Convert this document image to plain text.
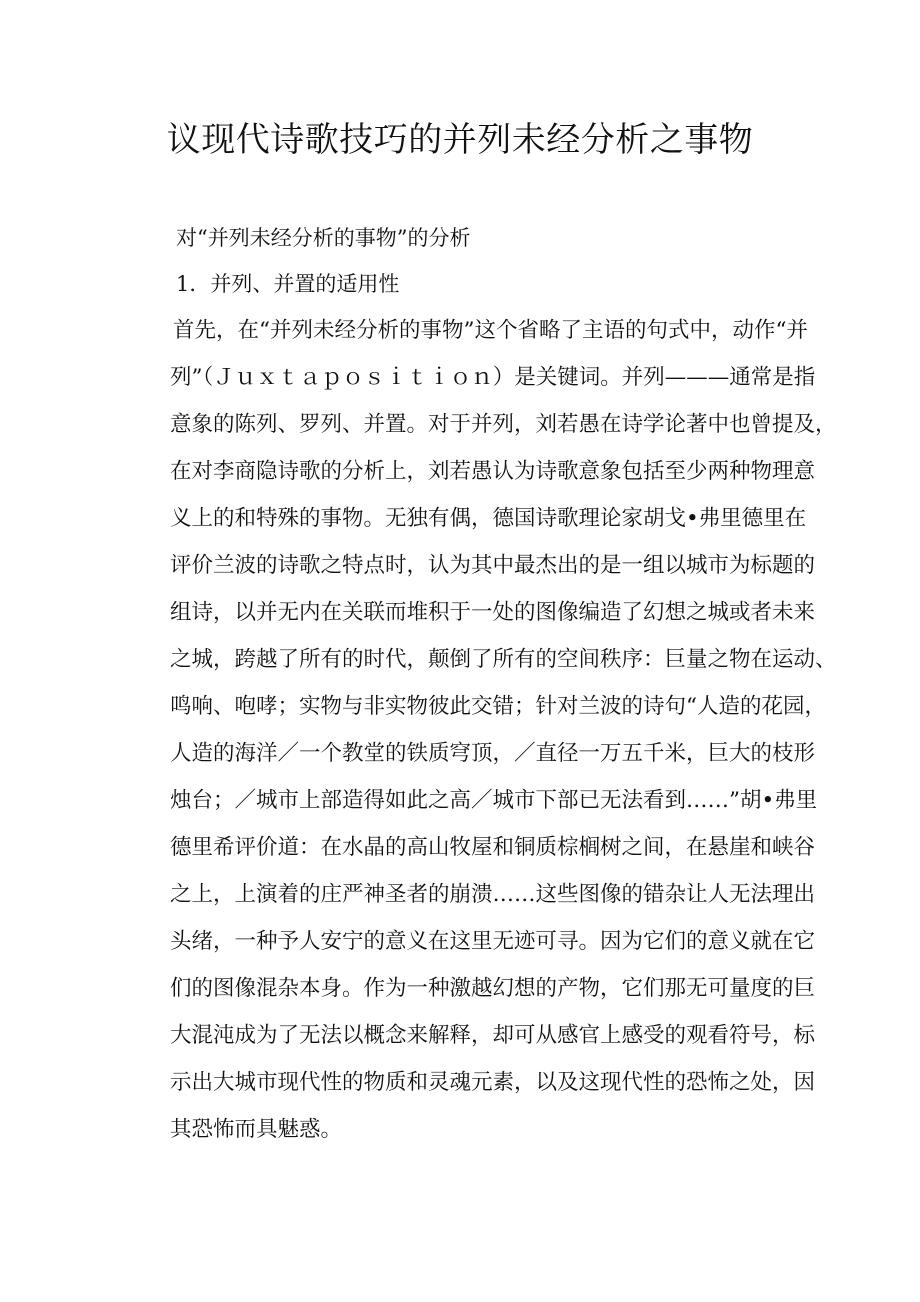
议现代诗歌技巧的并列未经分析之事物
对“并列未经分析的事物”的分析
1．并列、并置的适用性
首先，在“并列未经分析的事物”这个省略了主语的句式中，动作“并
列”（Ｊｕｘｔａｐｏｓｉｔｉｏｎ）是关键词。并列———通常是指
意象的陈列、罗列、并置。对于并列，刘若愚在诗学论著中也曾提及，
在对李商隐诗歌的分析上，刘若愚认为诗歌意象包括至少两种物理意
义上的和特殊的事物。无独有偶，德国诗歌理论家胡戈•弗里德里在
评价兰波的诗歌之特点时，认为其中最杰出的是一组以城市为标题的
组诗，以并无内在关联而堆积于一处的图像编造了幻想之城或者未来
之城，跨越了所有的时代，颠倒了所有的空间秩序：巨量之物在运动、
鸣响、咆哮；实物与非实物彼此交错；针对兰波的诗句“人造的花园，
人造的海洋／一个教堂的铁质穹顶，／直径一万五千米，巨大的枝形
烛台；／城市上部造得如此之高／城市下部已无法看到……”胡•弗里
德里希评价道：在水晶的高山牧屋和铜质棕榈树之间，在悬崖和峡谷
之上，上演着的庄严神圣者的崩溃……这些图像的错杂让人无法理出
头绪，一种予人安宁的意义在这里无迹可寻。因为它们的意义就在它
们的图像混杂本身。作为一种激越幻想的产物，它们那无可量度的巨
大混沌成为了无法以概念来解释，却可从感官上感受的观看符号，标
示出大城市现代性的物质和灵魂元素，以及这现代性的恐怖之处，因
其恐怖而具魅惑。
